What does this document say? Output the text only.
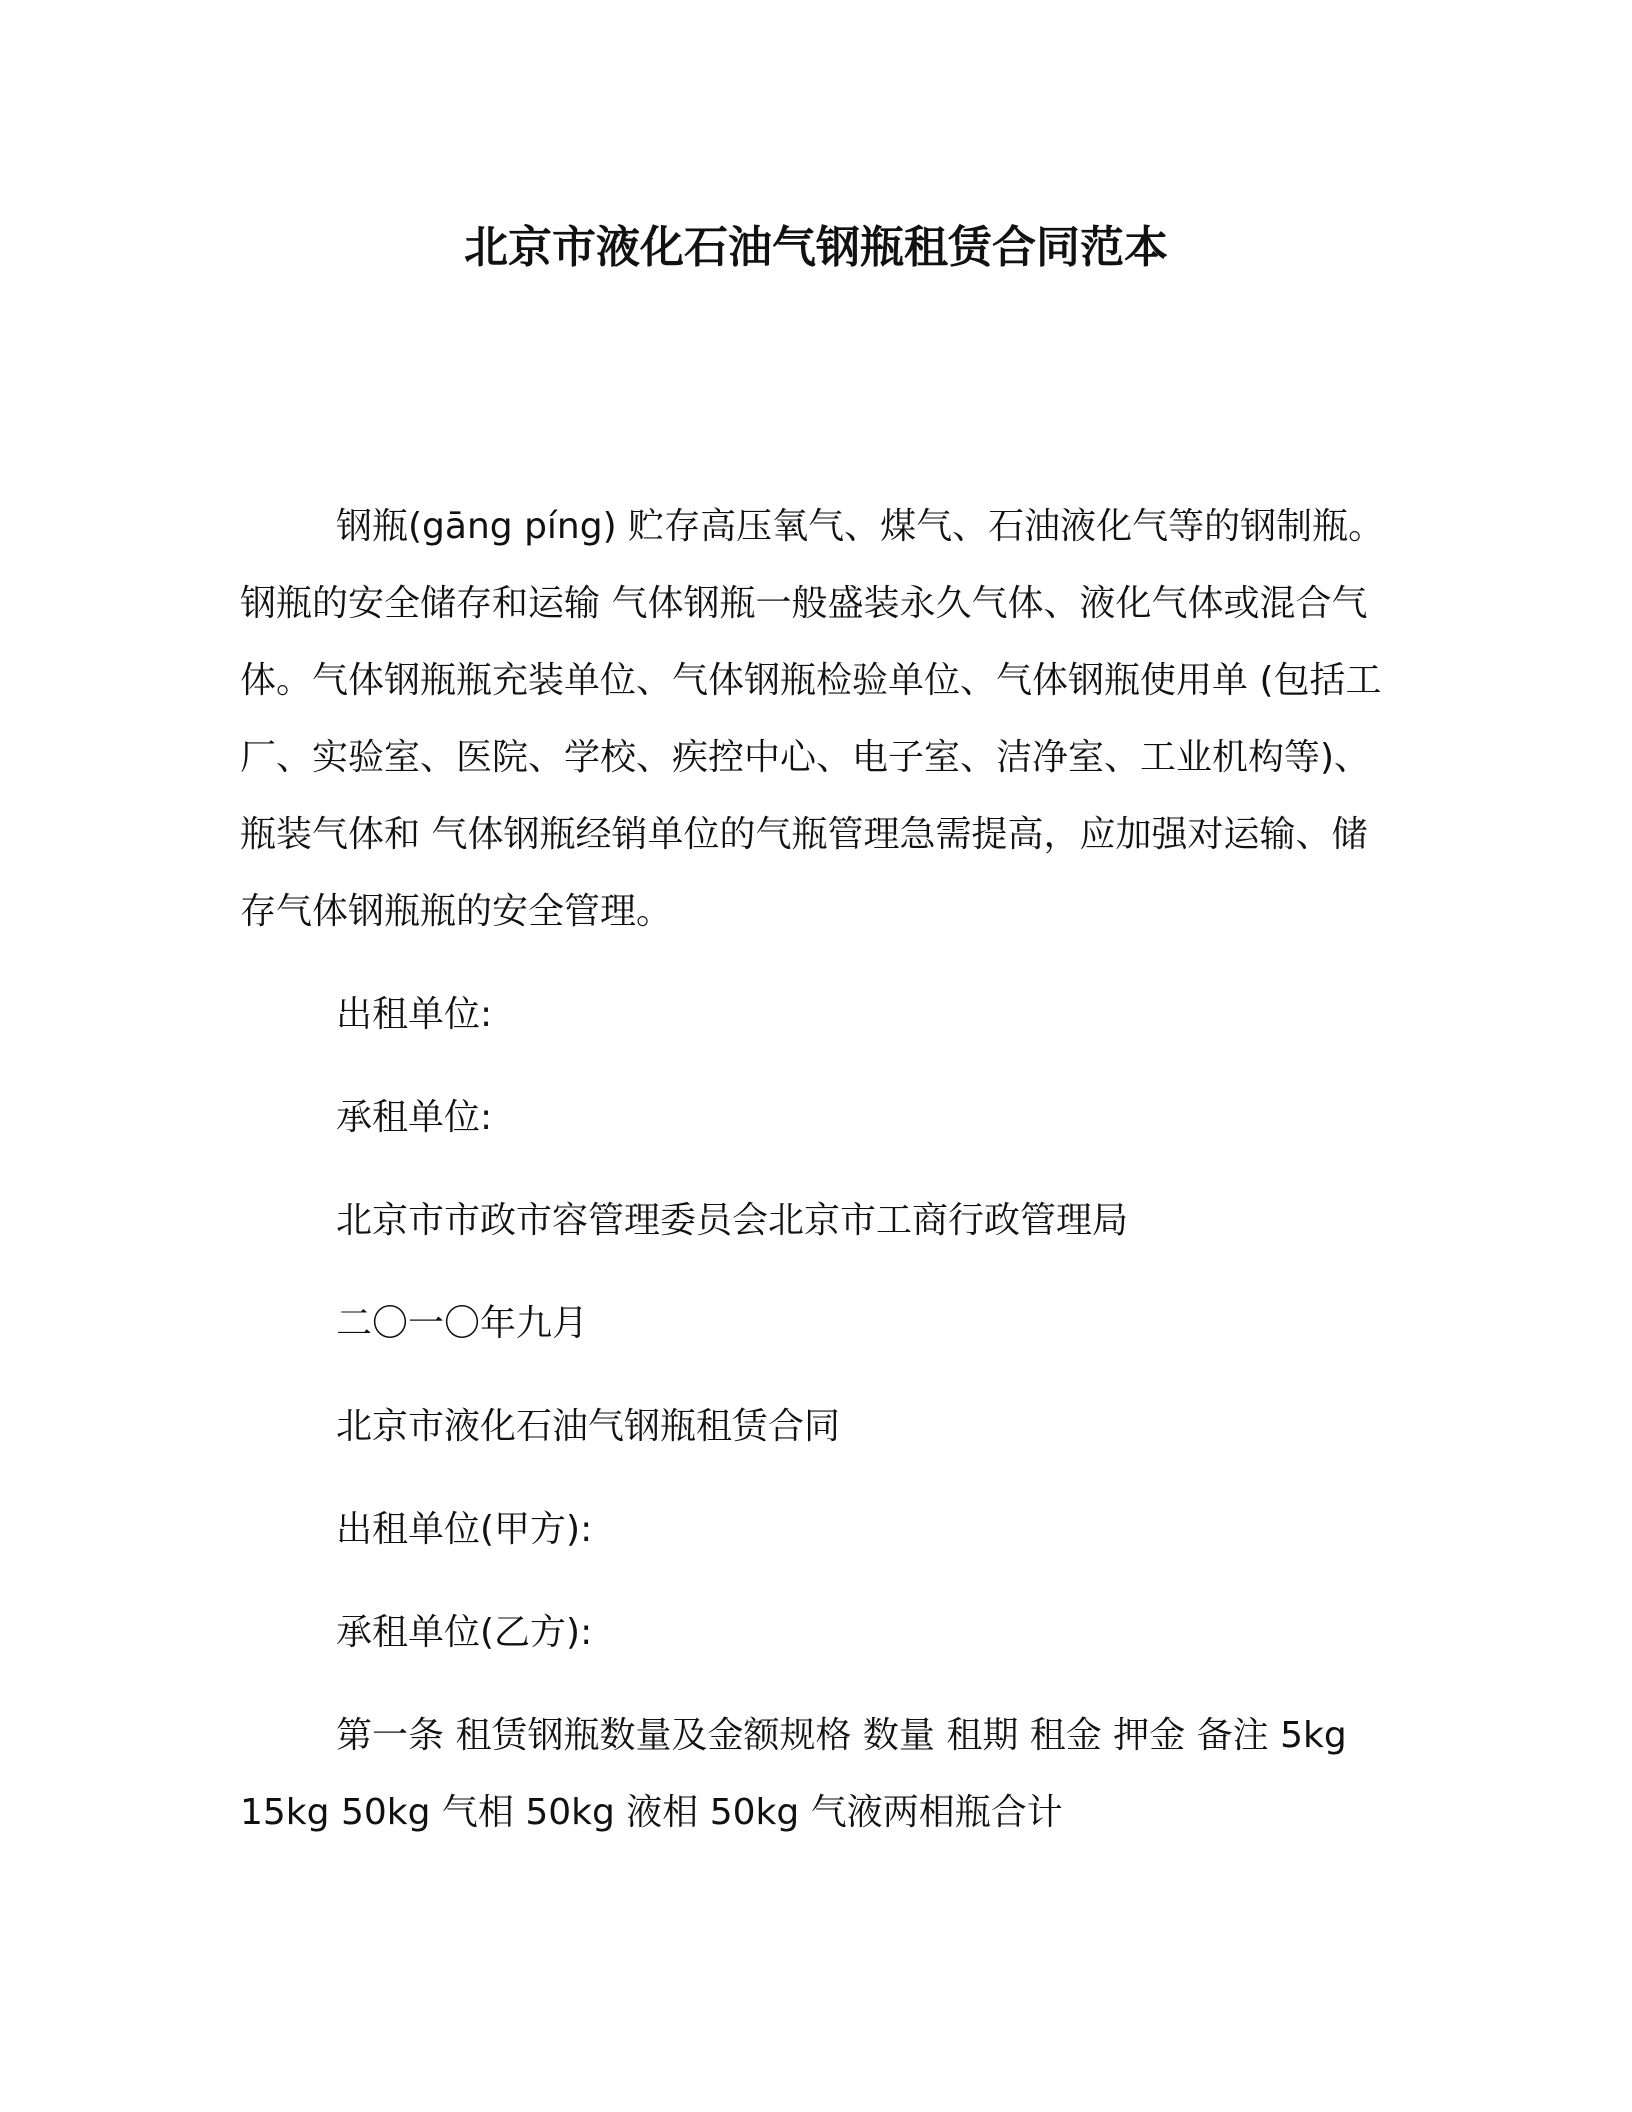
北京市液化石油气钢瓶租赁合同范本

钢瓶(gāng píng) 贮存高压氧气、煤气、石油液化气等的钢制瓶。钢瓶的安全储存和运输 气体钢瓶一般盛装永久气体、液化气体或混合气体。气体钢瓶瓶充装单位、气体钢瓶检验单位、气体钢瓶使用单 (包括工厂、实验室、医院、学校、疾控中心、电子室、洁净室、工业机构等)、瓶装气体和 气体钢瓶经销单位的气瓶管理急需提高，应加强对运输、储存气体钢瓶瓶的安全管理。

出租单位:

承租单位:

北京市市政市容管理委员会北京市工商行政管理局

二〇一〇年九月

北京市液化石油气钢瓶租赁合同

出租单位(甲方):

承租单位(乙方):

第一条 租赁钢瓶数量及金额规格 数量 租期 租金 押金 备注 5kg 15kg 50kg 气相 50kg 液相 50kg 气液两相瓶合计
